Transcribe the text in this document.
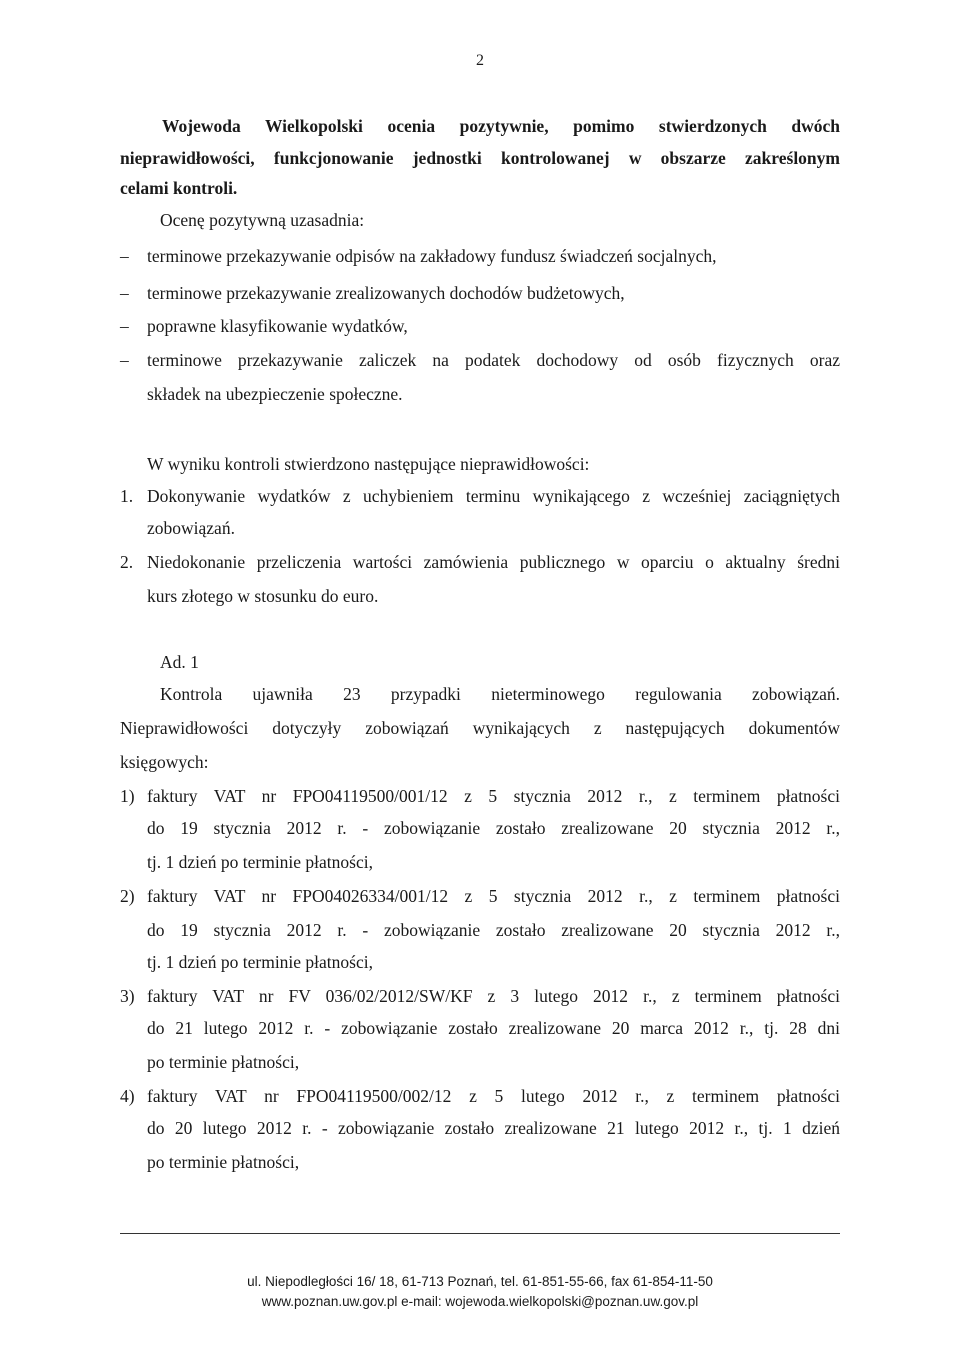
2
Wojewoda Wielkopolski ocenia pozytywnie, pomimo stwierdzonych dwóch
nieprawidłowości, funkcjonowanie jednostki kontrolowanej w obszarze zakreślonym
celami kontroli.
Ocenę pozytywną uzasadnia:
– terminowe przekazywanie odpisów na zakładowy fundusz świadczeń socjalnych,
– terminowe przekazywanie zrealizowanych dochodów budżetowych,
– poprawne klasyfikowanie wydatków,
– terminowe przekazywanie zaliczek na podatek dochodowy od osób fizycznych oraz
składek na ubezpieczenie społeczne.
W wyniku kontroli stwierdzono następujące nieprawidłowości:
1. Dokonywanie wydatków z uchybieniem terminu wynikającego z wcześniej zaciągniętych
zobowiązań.
2. Niedokonanie przeliczenia wartości zamówienia publicznego w oparciu o aktualny średni
kurs złotego w stosunku do euro.
Ad. 1
Kontrola ujawniła 23 przypadki nieterminowego regulowania zobowiązań.
Nieprawidłowości dotyczyły zobowiązań wynikających z następujących dokumentów
księgowych:
1) faktury VAT nr FPO04119500/001/12 z 5 stycznia 2012 r., z terminem płatności
do 19 stycznia 2012 r. - zobowiązanie zostało zrealizowane 20 stycznia 2012 r.,
tj. 1 dzień po terminie płatności,
2) faktury VAT nr FPO04026334/001/12 z 5 stycznia 2012 r., z terminem płatności
do 19 stycznia 2012 r. - zobowiązanie zostało zrealizowane 20 stycznia 2012 r.,
tj. 1 dzień po terminie płatności,
3) faktury VAT nr FV 036/02/2012/SW/KF z 3 lutego 2012 r., z terminem płatności
do 21 lutego 2012 r. - zobowiązanie zostało zrealizowane 20 marca 2012 r., tj. 28 dni
po terminie płatności,
4) faktury VAT nr FPO04119500/002/12 z 5 lutego 2012 r., z terminem płatności
do 20 lutego 2012 r. - zobowiązanie zostało zrealizowane 21 lutego 2012 r., tj. 1 dzień
po terminie płatności,
ul. Niepodległości 16/ 18, 61-713 Poznań, tel. 61-851-55-66, fax 61-854-11-50
www.poznan.uw.gov.pl e-mail: wojewoda.wielkopolski@poznan.uw.gov.pl
